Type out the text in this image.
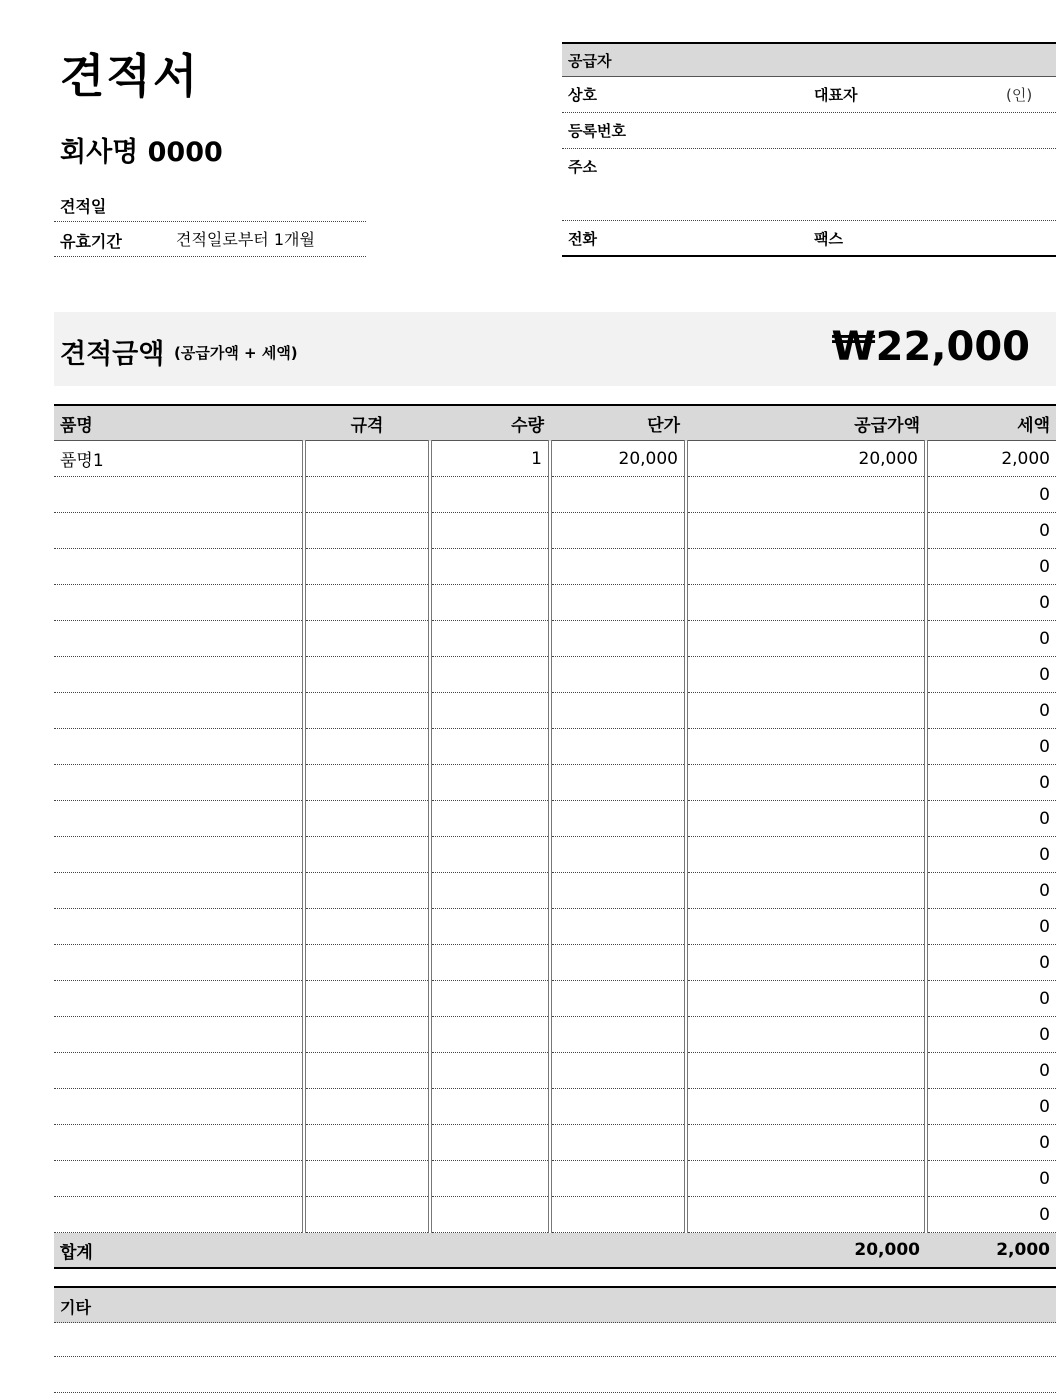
견적서
회사명 0000
견적일
유효기간	견적일로부터 1개월
공급자
상호	대표자	(인)
등록번호
주소
전화	팩스
견적금액 (공급가액 + 세액)	₩22,000
품명	규격	수량	단가	공급가액	세액
품명1		1	20,000	20,000	2,000
					0
					0
					0
					0
					0
					0
					0
					0
					0
					0
					0
					0
					0
					0
					0
					0
					0
					0
					0
					0
					0
합계				20,000	2,000
기타
